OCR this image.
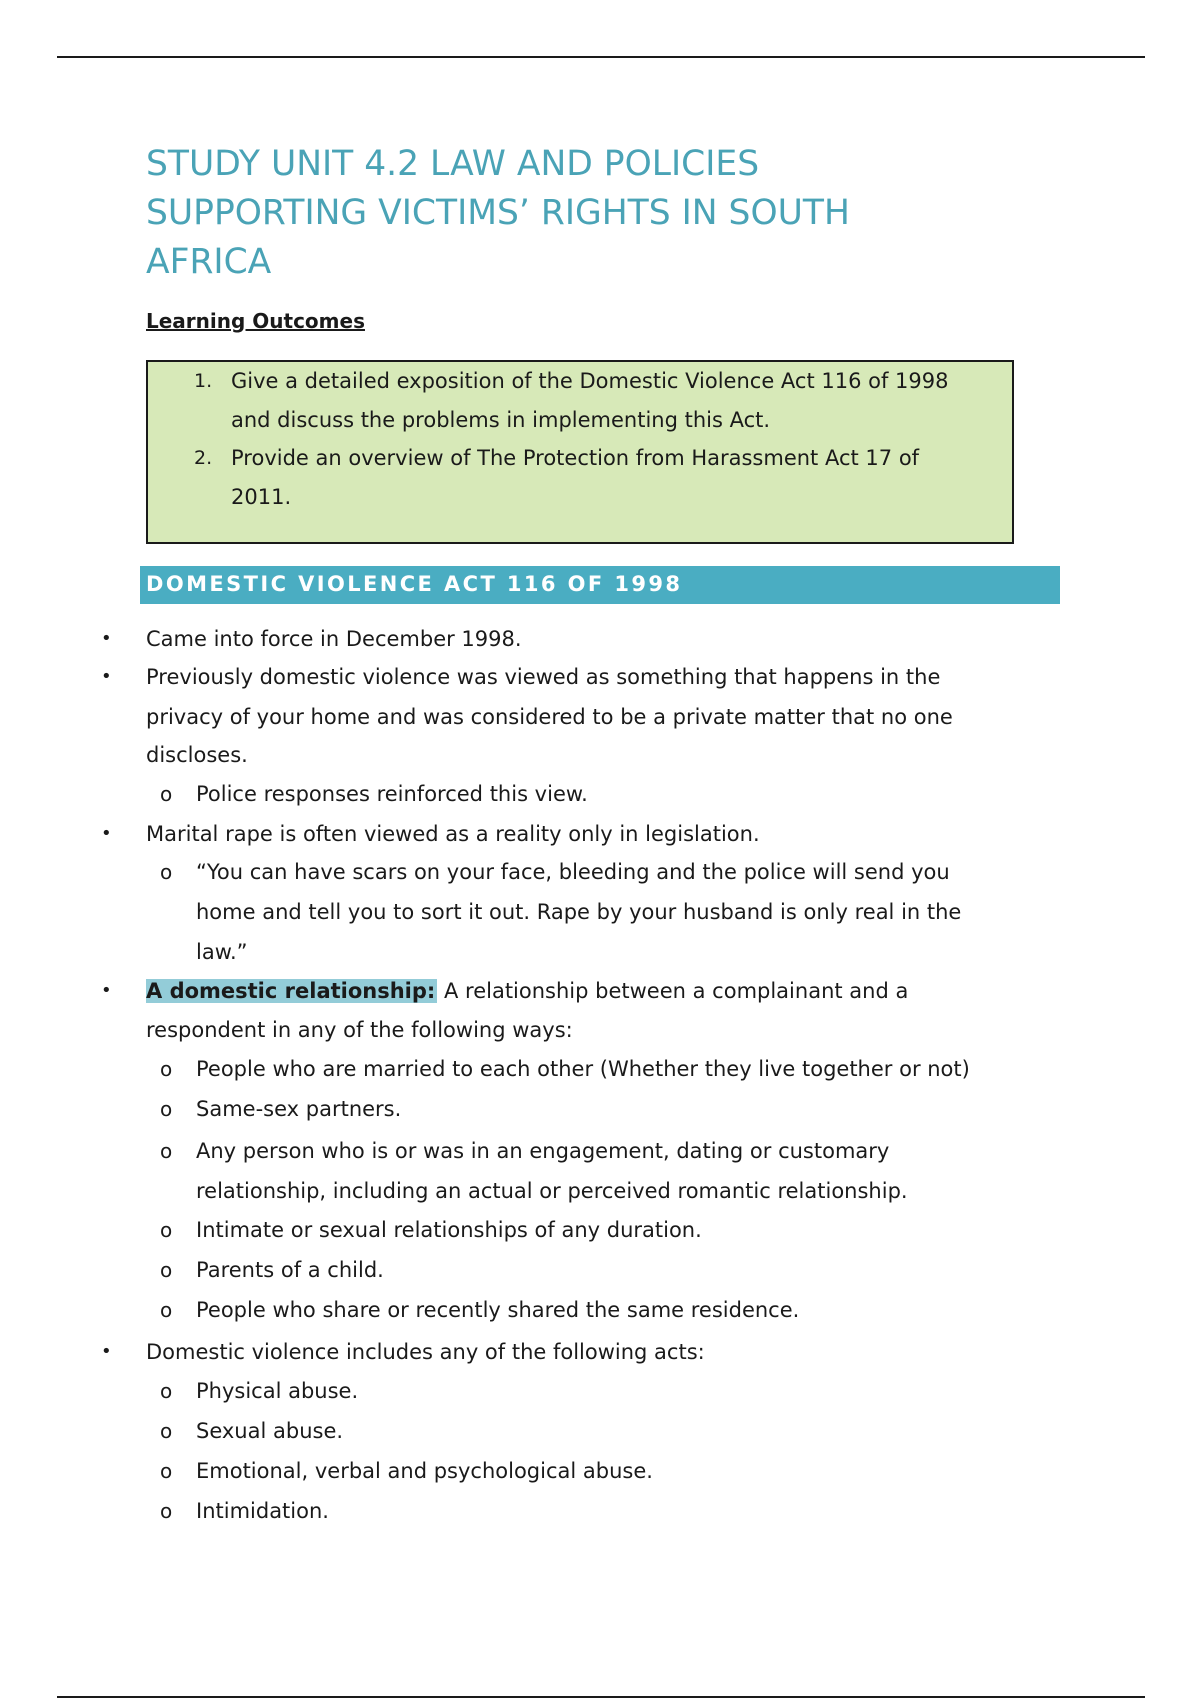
STUDY UNIT 4.2 LAW AND POLICIES
SUPPORTING VICTIMS’ RIGHTS IN SOUTH
AFRICA
Learning Outcomes
1. Give a detailed exposition of the Domestic Violence Act 116 of 1998
and discuss the problems in implementing this Act.
2. Provide an overview of The Protection from Harassment Act 17 of
2011.
DOMESTIC VIOLENCE ACT 116 OF 1998
• Came into force in December 1998.
• Previously domestic violence was viewed as something that happens in the
privacy of your home and was considered to be a private matter that no one
discloses.
o Police responses reinforced this view.
• Marital rape is often viewed as a reality only in legislation.
o “You can have scars on your face, bleeding and the police will send you
home and tell you to sort it out. Rape by your husband is only real in the
law.”
• A domestic relationship: A relationship between a complainant and a
respondent in any of the following ways:
o People who are married to each other (Whether they live together or not)
o Same-sex partners.
o Any person who is or was in an engagement, dating or customary
relationship, including an actual or perceived romantic relationship.
o Intimate or sexual relationships of any duration.
o Parents of a child.
o People who share or recently shared the same residence.
• Domestic violence includes any of the following acts:
o Physical abuse.
o Sexual abuse.
o Emotional, verbal and psychological abuse.
o Intimidation.
